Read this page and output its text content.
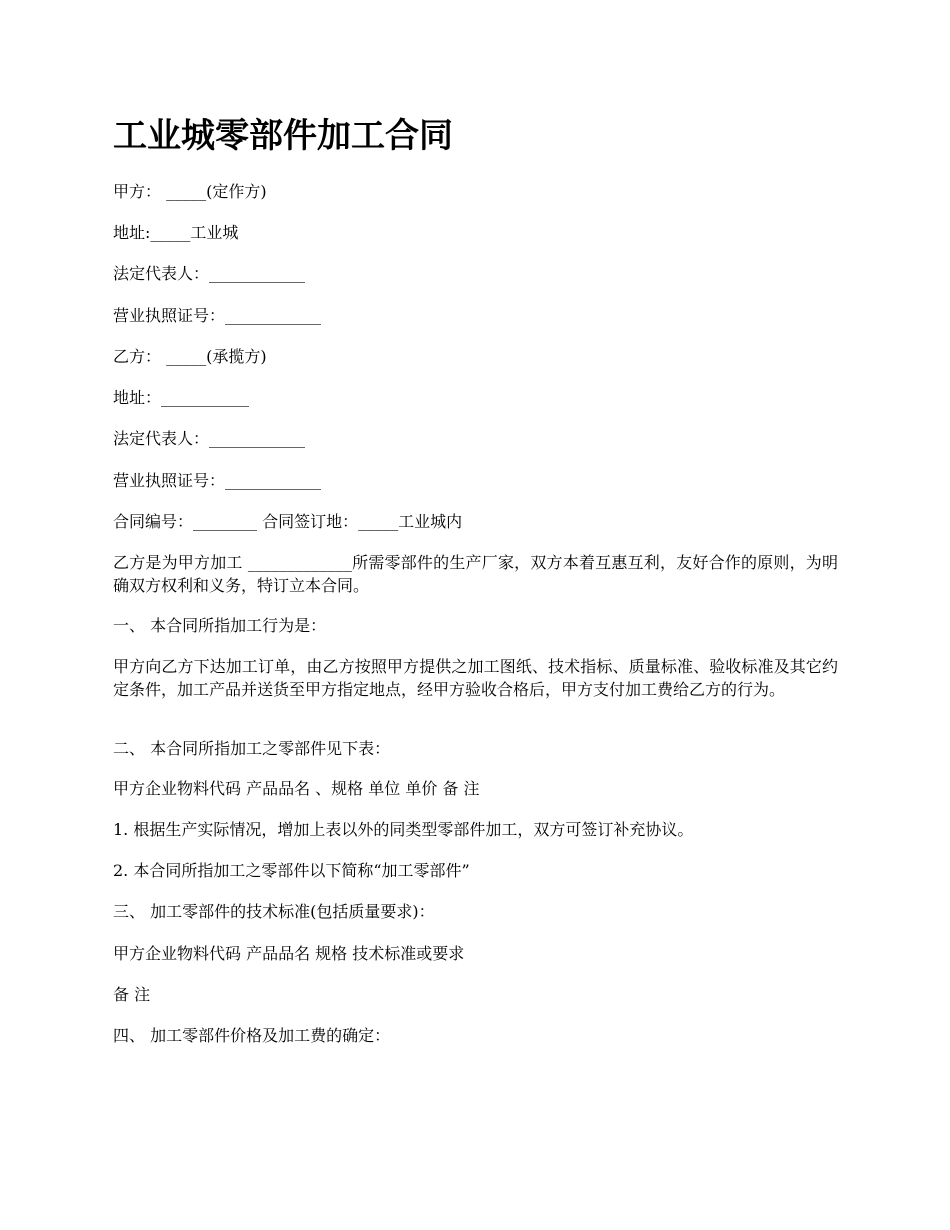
工业城零部件加工合同

甲方： _____(定作方)

地址:_____工业城

法定代表人：____________

营业执照证号：____________

乙方： _____(承揽方)

地址：___________

法定代表人：____________

营业执照证号：____________

合同编号：________ 合同签订地：_____工业城内

乙方是为甲方加工 _____________所需零部件的生产厂家，双方本着互惠互利，友好合作的原则，为明确双方权利和义务，特订立本合同。

一、 本合同所指加工行为是：

甲方向乙方下达加工订单，由乙方按照甲方提供之加工图纸、技术指标、质量标准、验收标准及其它约定条件，加工产品并送货至甲方指定地点，经甲方验收合格后，甲方支付加工费给乙方的行为。

二、 本合同所指加工之零部件见下表：

甲方企业物料代码 产品品名 、规格 单位 单价 备 注

1. 根据生产实际情况，增加上表以外的同类型零部件加工，双方可签订补充协议。

2. 本合同所指加工之零部件以下简称“加工零部件”

三、 加工零部件的技术标准(包括质量要求)：

甲方企业物料代码 产品品名 规格 技术标准或要求

备 注

四、 加工零部件价格及加工费的确定：
